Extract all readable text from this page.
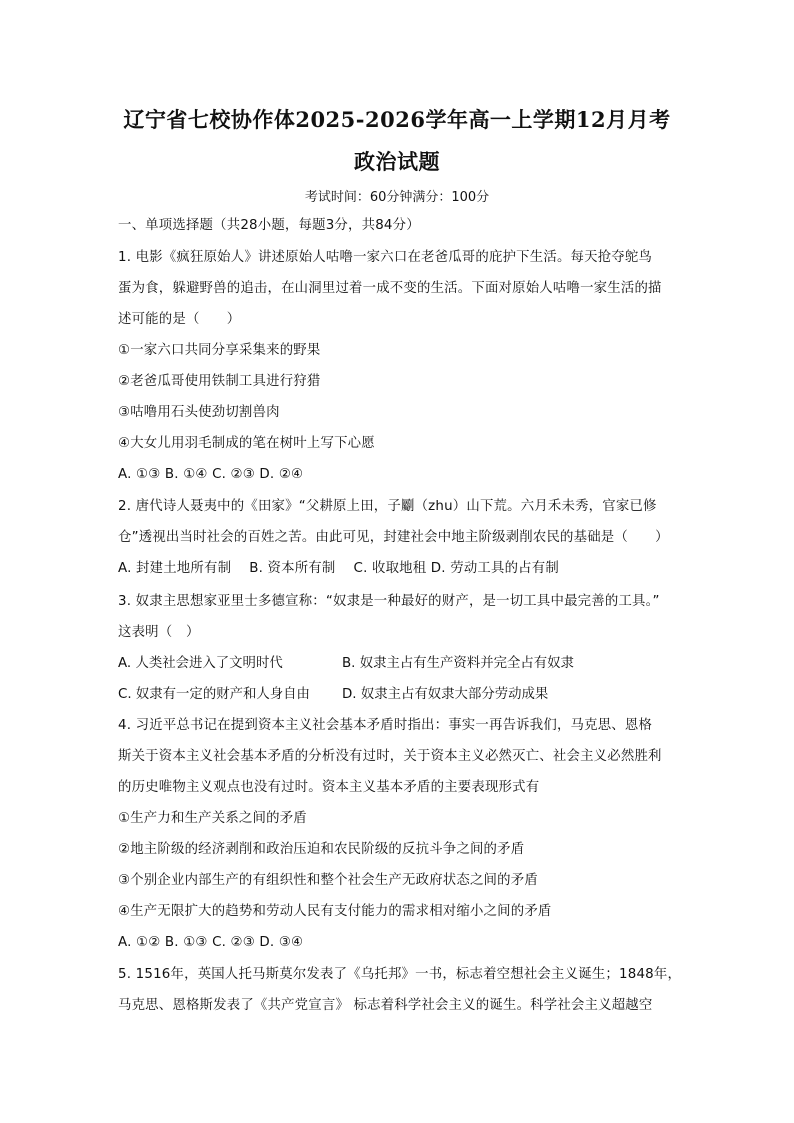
辽宁省七校协作体2025-2026学年高一上学期12月月考
政治试题
考试时间：60分钟满分：100分
一、单项选择题（共28小题，每题3分，共84分）
1. 电影《疯狂原始人》讲述原始人咕噜一家六口在老爸瓜哥的庇护下生活。每天抢夺鸵鸟
蛋为食，躲避野兽的追击，在山洞里过着一成不变的生活。下面对原始人咕噜一家生活的描
述可能的是（　　）
①一家六口共同分享采集来的野果
②老爸瓜哥使用铁制工具进行狩猎
③咕噜用石头使劲切割兽肉
④大女儿用羽毛制成的笔在树叶上写下心愿
A. ①③ B. ①④ C. ②③ D. ②④
2. 唐代诗人聂夷中的《田家》“父耕原上田，子劚（zhu）山下荒。六月禾未秀，官家已修
仓”透视出当时社会的百姓之苦。由此可见，封建社会中地主阶级剥削农民的基础是（　　）
A. 封建土地所有制　 B. 资本所有制　 C. 收取地租 D. 劳动工具的占有制
3. 奴隶主思想家亚里士多德宣称：“奴隶是一种最好的财产，是一切工具中最完善的工具。”
这表明（　）
A. 人类社会进入了文明时代	B. 奴隶主占有生产资料并完全占有奴隶
C. 奴隶有一定的财产和人身自由 D. 奴隶主占有奴隶大部分劳动成果
4. 习近平总书记在提到资本主义社会基本矛盾时指出：事实一再告诉我们，马克思、恩格
斯关于资本主义社会基本矛盾的分析没有过时，关于资本主义必然灭亡、社会主义必然胜利
的历史唯物主义观点也没有过时。资本主义基本矛盾的主要表现形式有
①生产力和生产关系之间的矛盾
②地主阶级的经济剥削和政治压迫和农民阶级的反抗斗争之间的矛盾
③个别企业内部生产的有组织性和整个社会生产无政府状态之间的矛盾
④生产无限扩大的趋势和劳动人民有支付能力的需求相对缩小之间的矛盾
A. ①② B. ①③ C. ②③ D. ③④
5. 1516年，英国人托马斯莫尔发表了《乌托邦》一书，标志着空想社会主义诞生；1848年，
马克思、恩格斯发表了《共产党宣言》 标志着科学社会主义的诞生。科学社会主义超越空
